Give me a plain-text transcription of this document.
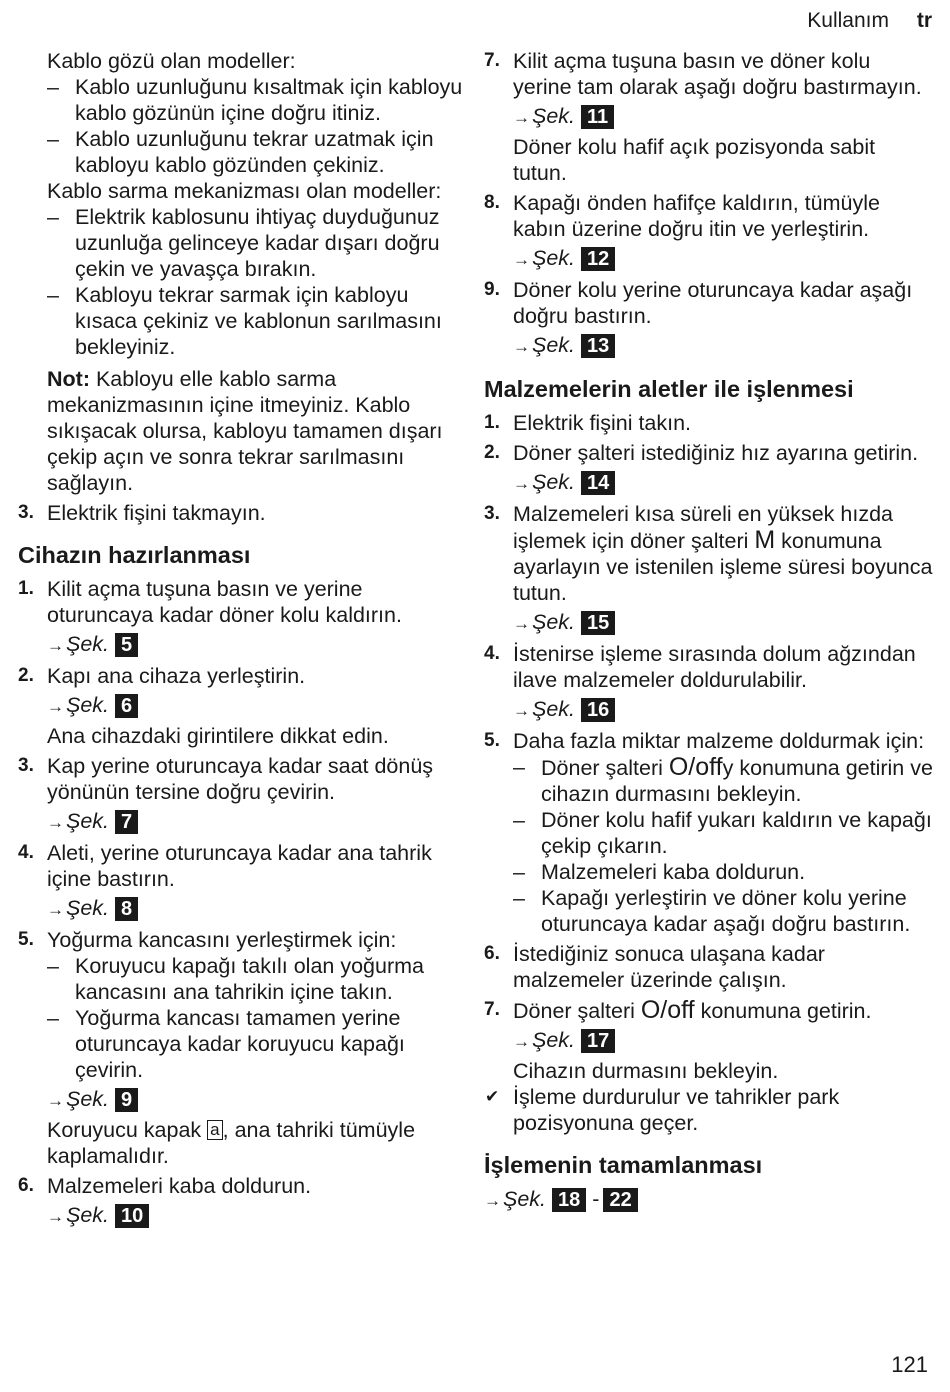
Kullanım tr
Kablo gözü olan modeller:
– Kablo uzunluğunu kısaltmak için kabloyu kablo gözünün içine doğru itiniz.
– Kablo uzunluğunu tekrar uzatmak için kabloyu kablo gözünden çekiniz.
Kablo sarma mekanizması olan modeller:
– Elektrik kablosunu ihtiyaç duyduğunuz uzunluğa gelinceye kadar dışarı doğru çekin ve yavaşça bırakın.
– Kabloyu tekrar sarmak için kabloyu kısaca çekiniz ve kablonun sarılmasını bekleyiniz.
Not: Kabloyu elle kablo sarma mekanizmasının içine itmeyiniz. Kablo sıkışacak olursa, kabloyu tamamen dışarı çekip açın ve sonra tekrar sarılmasını sağlayın.
3. Elektrik fişini takmayın.
Cihazın hazırlanması
1. Kilit açma tuşuna basın ve yerine oturuncaya kadar döner kolu kaldırın.
→Şek. 5
2. Kapı ana cihaza yerleştirin.
→Şek. 6
Ana cihazdaki girintilere dikkat edin.
3. Kap yerine oturuncaya kadar saat dönüş yönünün tersine doğru çevirin.
→Şek. 7
4. Aleti, yerine oturuncaya kadar ana tahrik içine bastırın.
→Şek. 8
5. Yoğurma kancasını yerleştirmek için:
– Koruyucu kapağı takılı olan yoğurma kancasını ana tahrikin içine takın.
– Yoğurma kancası tamamen yerine oturuncaya kadar koruyucu kapağı çevirin.
→Şek. 9
Koruyucu kapak a , ana tahriki tümüyle kaplamalıdır.
6. Malzemeleri kaba doldurun.
→Şek. 10
7. Kilit açma tuşuna basın ve döner kolu yerine tam olarak aşağı doğru bastırmayın.
→Şek. 11
Döner kolu hafif açık pozisyonda sabit tutun.
8. Kapağı önden hafifçe kaldırın, tümüyle kabın üzerine doğru itin ve yerleştirin.
→Şek. 12
9. Döner kolu yerine oturuncaya kadar aşağı doğru bastırın.
→Şek. 13
Malzemelerin aletler ile işlenmesi
1. Elektrik fişini takın.
2. Döner şalteri istediğiniz hız ayarına getirin.
→Şek. 14
3. Malzemeleri kısa süreli en yüksek hızda işlemek için döner şalteri M konumuna ayarlayın ve istenilen işleme süresi boyunca tutun.
→Şek. 15
4. İstenirse işleme sırasında dolum ağzından ilave malzemeler doldurulabilir.
→Şek. 16
5. Daha fazla miktar malzeme doldurmak için:
– Döner şalteri O/offy konumuna getirin ve cihazın durmasını bekleyin.
– Döner kolu hafif yukarı kaldırın ve kapağı çekip çıkarın.
– Malzemeleri kaba doldurun.
– Kapağı yerleştirin ve döner kolu yerine oturuncaya kadar aşağı doğru bastırın.
6. İstediğiniz sonuca ulaşana kadar malzemeler üzerinde çalışın.
7. Döner şalteri O/off konumuna getirin.
→Şek. 17
Cihazın durmasını bekleyin.
✔ İşleme durdurulur ve tahrikler park pozisyonuna geçer.
İşlemenin tamamlanması
→Şek. 18 - 22
121
